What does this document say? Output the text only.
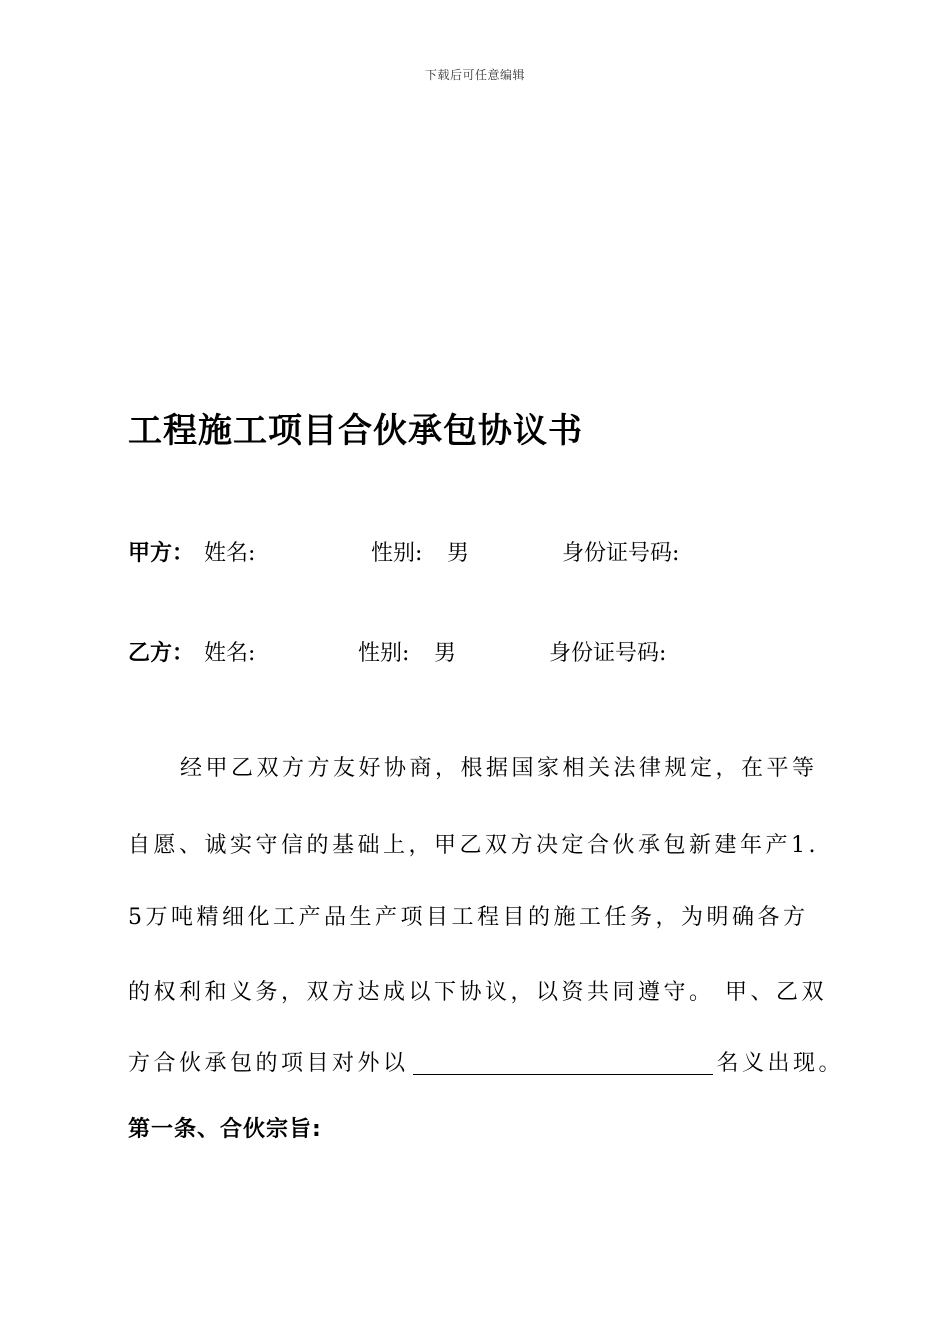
下载后可任意编辑
工程施工项目合伙承包协议书
甲方： 姓名:	性别: 男	身份证号码:
乙方： 姓名:	性别: 男	身份证号码:
经甲乙双方方友好协商，根据国家相关法律规定，在平等
自愿、诚实守信的基础上，甲乙双方决定合伙承包新建年产1.
5万吨精细化工产品生产项目工程目的施工任务，为明确各方
的权利和义务，双方达成以下协议，以资共同遵守。 甲、乙双
方合伙承包的项目对外以	名义出现。
第一条、合伙宗旨:
